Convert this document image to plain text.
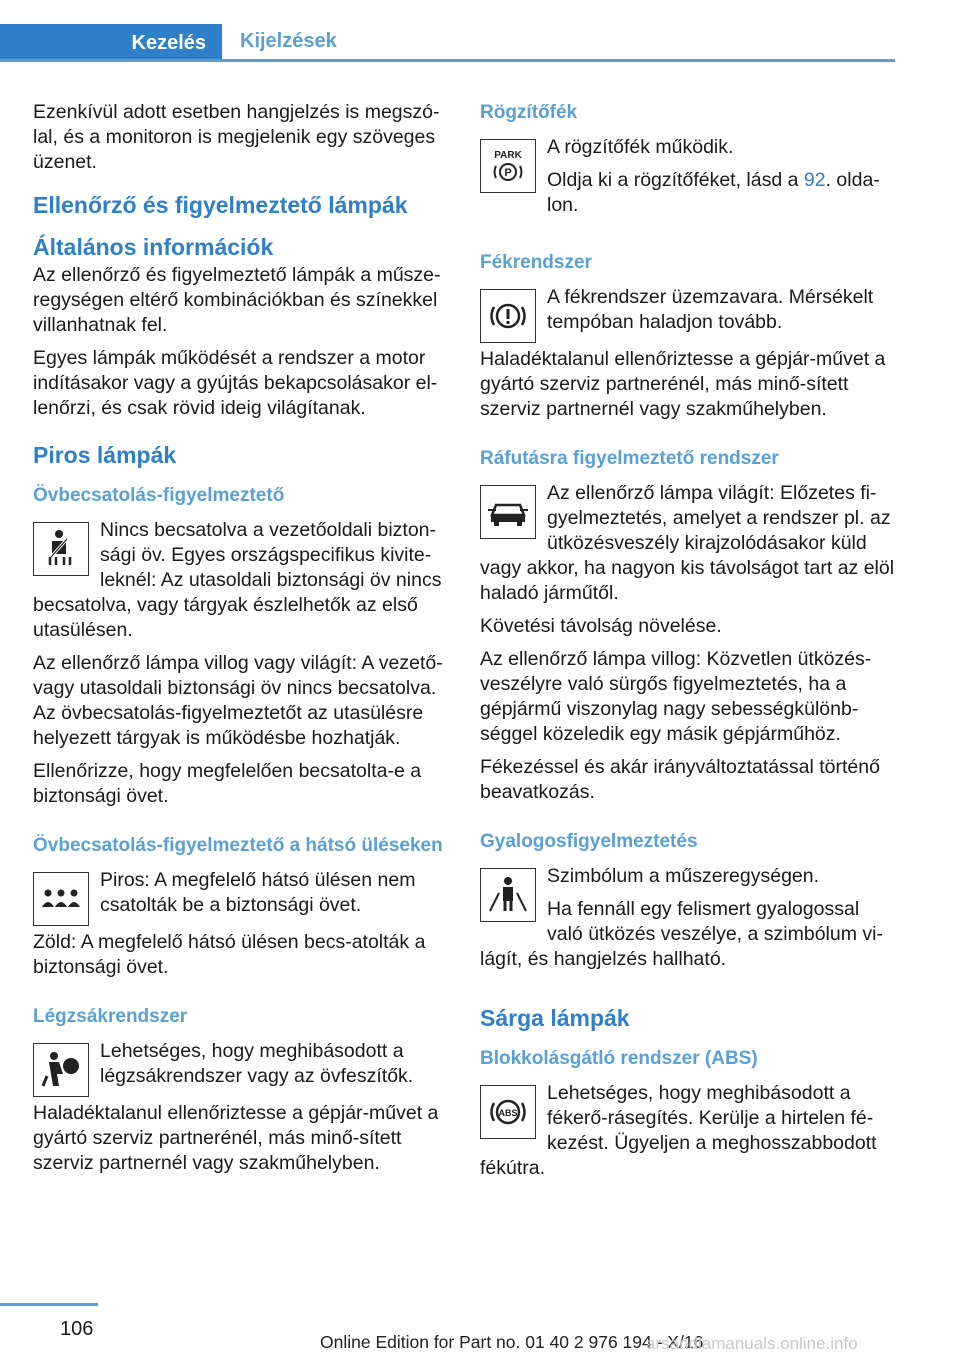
Kezelés	Kijelzések

Ezenkívül adott esetben hangjelzés is megszó-lal, és a monitoron is megjelenik egy szöveges üzenet.

Ellenőrző és figyelmeztető lámpák
Általános információk

Az ellenőrző és figyelmeztető lámpák a műsze-regységen eltérő kombinációkban és színekkel villanhatnak fel.

Egyes lámpák működését a rendszer a motor indításakor vagy a gyújtás bekapcsolásakor el-lenőrzi, és csak rövid ideig világítanak.

Piros lámpák
Övbecsatolás-figyelmeztető

Nincs becsatolva a vezetőoldali bizton-sági öv. Egyes országspecifikus kivite-leknél: Az utasoldali biztonsági öv nincs becsatolva, vagy tárgyak észlelhetők az első utasülésen.

Az ellenőrző lámpa villog vagy világít: A vezető- vagy utasoldali biztonsági öv nincs becsatolva. Az övbecsatolás-figyelmeztetőt az utasülésre helyezett tárgyak is működésbe hozhatják.

Ellenőrizze, hogy megfelelően becsatolta-e a biztonsági övet.

Övbecsatolás-figyelmeztető a hátsó üléseken

Piros: A megfelelő hátsó ülésen nem csatolták be a biztonsági övet.

Zöld: A megfelelő hátsó ülésen becs-atolták a biztonsági övet.

Légzsákrendszer

Lehetséges, hogy meghibásodott a légzsákrendszer vagy az övfeszítők.

Haladéktalanul ellenőriztesse a gépjár-művet a gyártó szerviz partnerénél, más minő-sített szerviz partnernél vagy szakműhelyben.

Rögzítőfék
PARK
P

A rögzítőfék működik.

Oldja ki a rögzítőféket, lásd a 92. olda-lon.

Fékrendszer

A fékrendszer üzemzavara. Mérsékelt tempóban haladjon tovább.

Haladéktalanul ellenőriztesse a gépjár-művet a gyártó szerviz partnerénél, más minő-sített szerviz partnernél vagy szakműhelyben.

Ráfutásra figyelmeztető rendszer

Az ellenőrző lámpa világít: Előzetes fi-gyelmeztetés, amelyet a rendszer pl. az ütközésveszély kirajzolódásakor küld vagy akkor, ha nagyon kis távolságot tart az elöl haladó járműtől.

Követési távolság növelése.

Az ellenőrző lámpa villog: Közvetlen ütközés-veszélyre való sürgős figyelmeztetés, ha a gépjármű viszonylag nagy sebességkülönb-séggel közeledik egy másik gépjárműhöz.

Fékezéssel és akár irányváltoztatással történő beavatkozás.

Gyalogosfigyelmeztetés

Szimbólum a műszeregységen.

Ha fennáll egy felismert gyalogossal való ütközés veszélye, a szimbólum vi-lágít, és hangjelzés hallható.

Sárga lámpák
Blokkolásgátló rendszer (ABS)
ABS

Lehetséges, hogy meghibásodott a fékerő-rásegítés. Kerülje a hirtelen fé-kezést. Ügyeljen a meghosszabbodott fékútra.

106
Online Edition for Part no. 01 40 2 976 194 - X/16
arsandlamanuals.online.info
